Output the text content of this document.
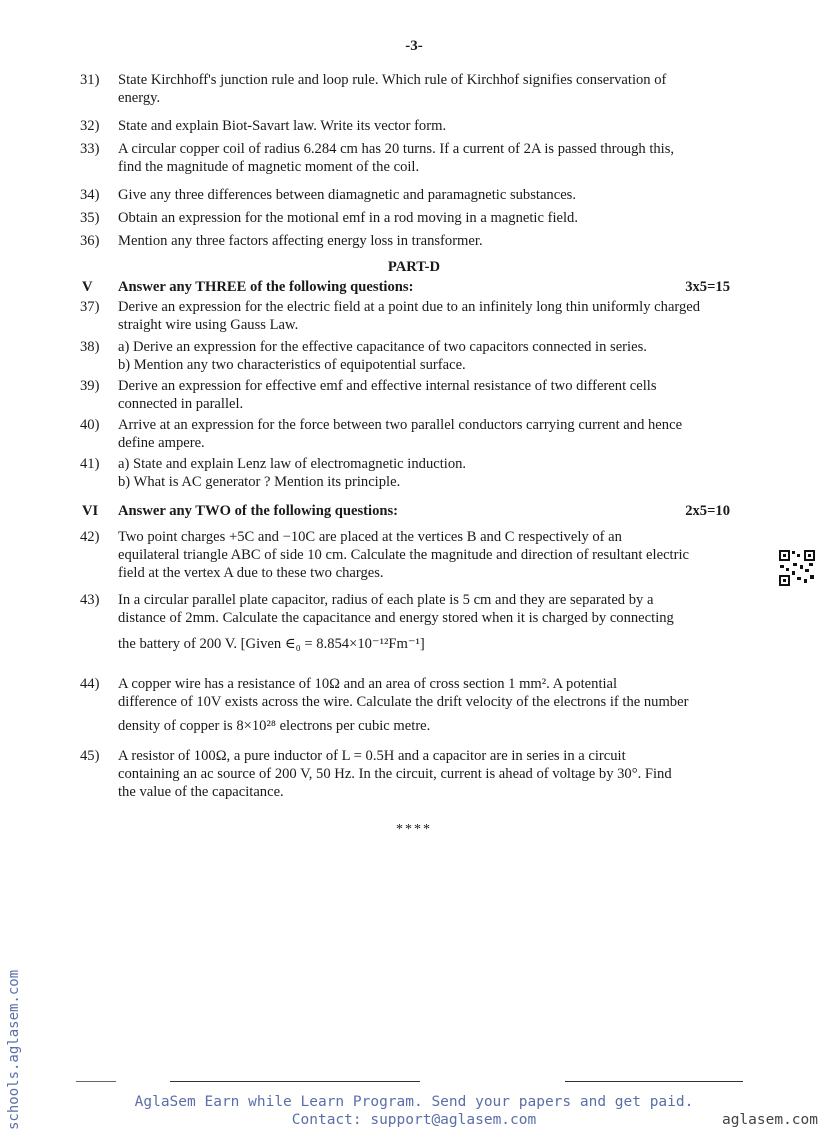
-3-
31)	State Kirchhoff's junction rule and loop rule. Which rule of Kirchhof signifies conservation of
energy.
32)	State and explain Biot-Savart law. Write its vector form.
33)	A circular copper coil of radius 6.284 cm has 20 turns. If a current of 2A is passed through this,
find the magnitude of magnetic moment of the coil.
34)	Give any three differences between diamagnetic and paramagnetic substances.
35)	Obtain an expression for the motional emf in a rod moving in a magnetic field.
36)	Mention any three factors affecting energy loss in transformer.
PART-D
V Answer any THREE of the following questions:	3x5=15
37)	Derive an expression for the electric field at a point due to an infinitely long thin uniformly charged
straight wire using Gauss Law.
38)	a) Derive an expression for the effective capacitance of two capacitors connected in series.
b) Mention any two characteristics of equipotential surface.
39)	Derive an expression for effective emf and effective internal resistance of two different cells
connected in parallel.
40)	Arrive at an expression for the force between two parallel conductors carrying current and hence
define ampere.
41)	a) State and explain Lenz law of electromagnetic induction.
b) What is AC generator ? Mention its principle.
VI Answer any TWO of the following questions:	2x5=10
42)	Two point charges +5C and −10C are placed at the vertices B and C respectively of an
equilateral triangle ABC of side 10 cm. Calculate the magnitude and direction of resultant electric
field at the vertex A due to these two charges.
43)	In a circular parallel plate capacitor, radius of each plate is 5 cm and they are separated by a
distance of 2mm. Calculate the capacitance and energy stored when it is charged by connecting
the battery of 200 V. [Given ∈₀ = 8.854×10⁻¹²Fm⁻¹]
44)	A copper wire has a resistance of 10Ω and an area of cross section 1 mm². A potential
difference of 10V exists across the wire. Calculate the drift velocity of the electrons if the number
density of copper is 8×10²⁸ electrons per cubic metre.
45)	A resistor of 100Ω, a pure inductor of L = 0.5H and a capacitor are in series in a circuit
containing an ac source of 200 V, 50 Hz. In the circuit, current is ahead of voltage by 30°. Find
the value of the capacitance.
****
AglaSem Earn while Learn Program. Send your papers and get paid.
Contact: support@aglasem.com	aglasem.com
schools.aglasem.com
